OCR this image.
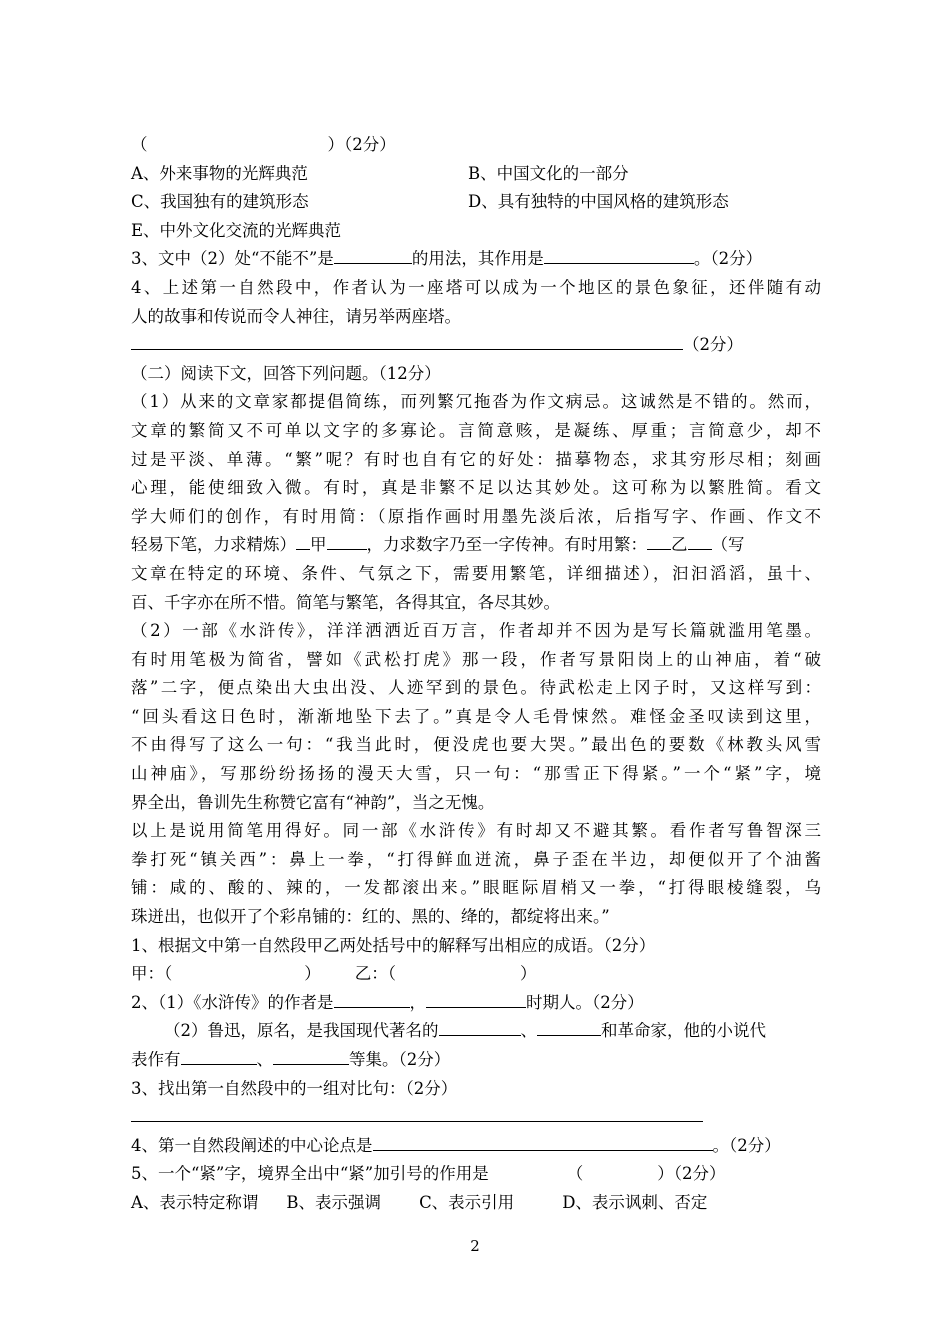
（	）（2分）
A、外来事物的光辉典范	B、中国文化的一部分
C、我国独有的建筑形态	D、具有独特的中国风格的建筑形态
E、中外文化交流的光辉典范
3、文中（2）处“不能不”是	的用法，其作用是	。（2分）
4、上述第一自然段中，作者认为一座塔可以成为一个地区的景色象征，还伴随有动
人的故事和传说而令人神往，请另举两座塔。
（2分）
（二）阅读下文，回答下列问题。（12分）
（1）从来的文章家都提倡简练，而列繁冗拖沓为作文病忌。这诚然是不错的。然而，
文章的繁简又不可单以文字的多寡论。言简意赅，是凝练、厚重；言简意少，却不
过是平淡、单薄。“繁”呢？有时也自有它的好处：描摹物态，求其穷形尽相；刻画
心理，能使细致入微。有时，真是非繁不足以达其妙处。这可称为以繁胜简。看文
学大师们的创作，有时用简：（原指作画时用墨先淡后浓，后指写字、作画、作文不
轻易下笔，力求精炼） 甲 ，力求数字乃至一字传神。有时用繁： 乙 （写
文章在特定的环境、条件、气氛之下，需要用繁笔，详细描述），汩汩滔滔，虽十、
百、千字亦在所不惜。简笔与繁笔，各得其宜，各尽其妙。
（2）一部《水浒传》，洋洋洒洒近百万言，作者却并不因为是写长篇就滥用笔墨。
有时用笔极为简省，譬如《武松打虎》那一段，作者写景阳岗上的山神庙，着“破
落”二字，便点染出大虫出没、人迹罕到的景色。待武松走上冈子时，又这样写到：
“回头看这日色时，渐渐地坠下去了。”真是令人毛骨悚然。难怪金圣叹读到这里，
不由得写了这么一句：“我当此时，便没虎也要大哭。”最出色的要数《林教头风雪
山神庙》，写那纷纷扬扬的漫天大雪，只一句：“那雪正下得紧。”一个“紧”字，境
界全出，鲁训先生称赞它富有“神韵”，当之无愧。
以上是说用简笔用得好。同一部《水浒传》有时却又不避其繁。看作者写鲁智深三
拳打死“镇关西”：鼻上一拳，“打得鲜血迸流，鼻子歪在半边，却便似开了个油酱
铺：咸的、酸的、辣的，一发都滚出来。”眼眶际眉梢又一拳，“打得眼棱缝裂，乌
珠迸出，也似开了个彩帛铺的：红的、黑的、绛的，都绽将出来。”
1、根据文中第一自然段甲乙两处括号中的解释写出相应的成语。（2分）
甲：（	） 乙：（	）
2、（1）《水浒传》的作者是	，	时期人。（2分）
（2）鲁迅，原名，是我国现代著名的	、	和革命家，他的小说代
表作有	、	等集。（2分）
3、找出第一自然段中的一组对比句：（2分）
4、第一自然段阐述的中心论点是	。（2分）
5、一个“紧”字，境界全出中“紧”加引号的作用是	（	）（2分）
A、表示特定称谓 B、表示强调 C、表示引用	D、表示讽刺、否定
2
